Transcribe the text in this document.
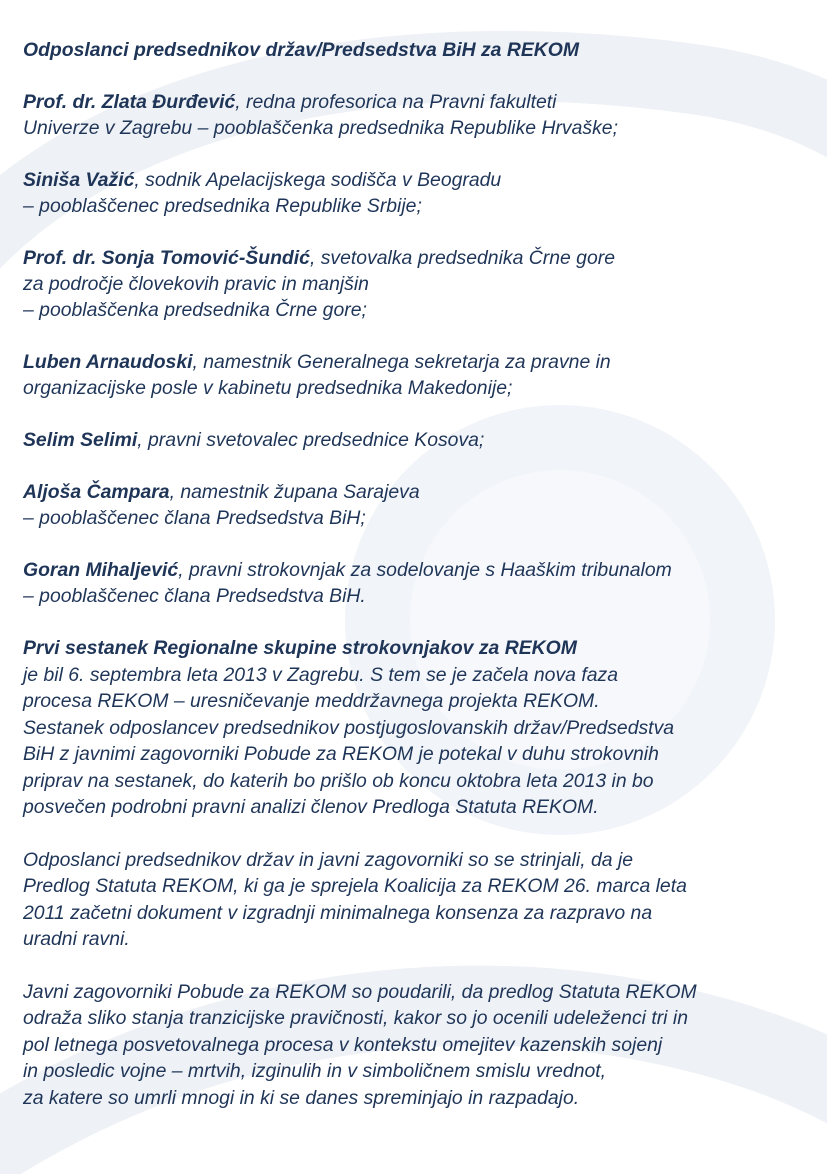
Odposlanci predsednikov držav/Predsedstva BiH za REKOM

Prof. dr. Zlata Đurđević, redna profesorica na Pravni fakulteti
Univerze v Zagrebu – pooblaščenka predsednika Republike Hrvaške;

Siniša Važić, sodnik Apelacijskega sodišča v Beogradu
– pooblaščenec predsednika Republike Srbije;

Prof. dr. Sonja Tomović-Šundić, svetovalka predsednika Črne gore
za področje človekovih pravic in manjšin
– pooblaščenka predsednika Črne gore;

Luben Arnaudoski, namestnik Generalnega sekretarja za pravne in
organizacijske posle v kabinetu predsednika Makedonije;

Selim Selimi, pravni svetovalec predsednice Kosova;

Aljoša Čampara, namestnik župana Sarajeva
– pooblaščenec člana Predsedstva BiH;

Goran Mihaljević, pravni strokovnjak za sodelovanje s Haaškim tribunalom
– pooblaščenec člana Predsedstva BiH.

Prvi sestanek Regionalne skupine strokovnjakov za REKOM
je bil 6. septembra leta 2013 v Zagrebu. S tem se je začela nova faza
procesa REKOM – uresničevanje meddržavnega projekta REKOM.
Sestanek odposlancev predsednikov postjugoslovanskih držav/Predsedstva
BiH z javnimi zagovorniki Pobude za REKOM je potekal v duhu strokovnih
priprav na sestanek, do katerih bo prišlo ob koncu oktobra leta 2013 in bo
posvečen podrobni pravni analizi členov Predloga Statuta REKOM.

Odposlanci predsednikov držav in javni zagovorniki so se strinjali, da je
Predlog Statuta REKOM, ki ga je sprejela Koalicija za REKOM 26. marca leta
2011 začetni dokument v izgradnji minimalnega konsenza za razpravo na
uradni ravni.

Javni zagovorniki Pobude za REKOM so poudarili, da predlog Statuta REKOM
odraža sliko stanja tranzicijske pravičnosti, kakor so jo ocenili udeleženci tri in
pol letnega posvetovalnega procesa v kontekstu omejitev kazenskih sojenj
in posledic vojne – mrtvih, izginulih in v simboličnem smislu vrednot,
za katere so umrli mnogi in ki se danes spreminjajo in razpadajo.
